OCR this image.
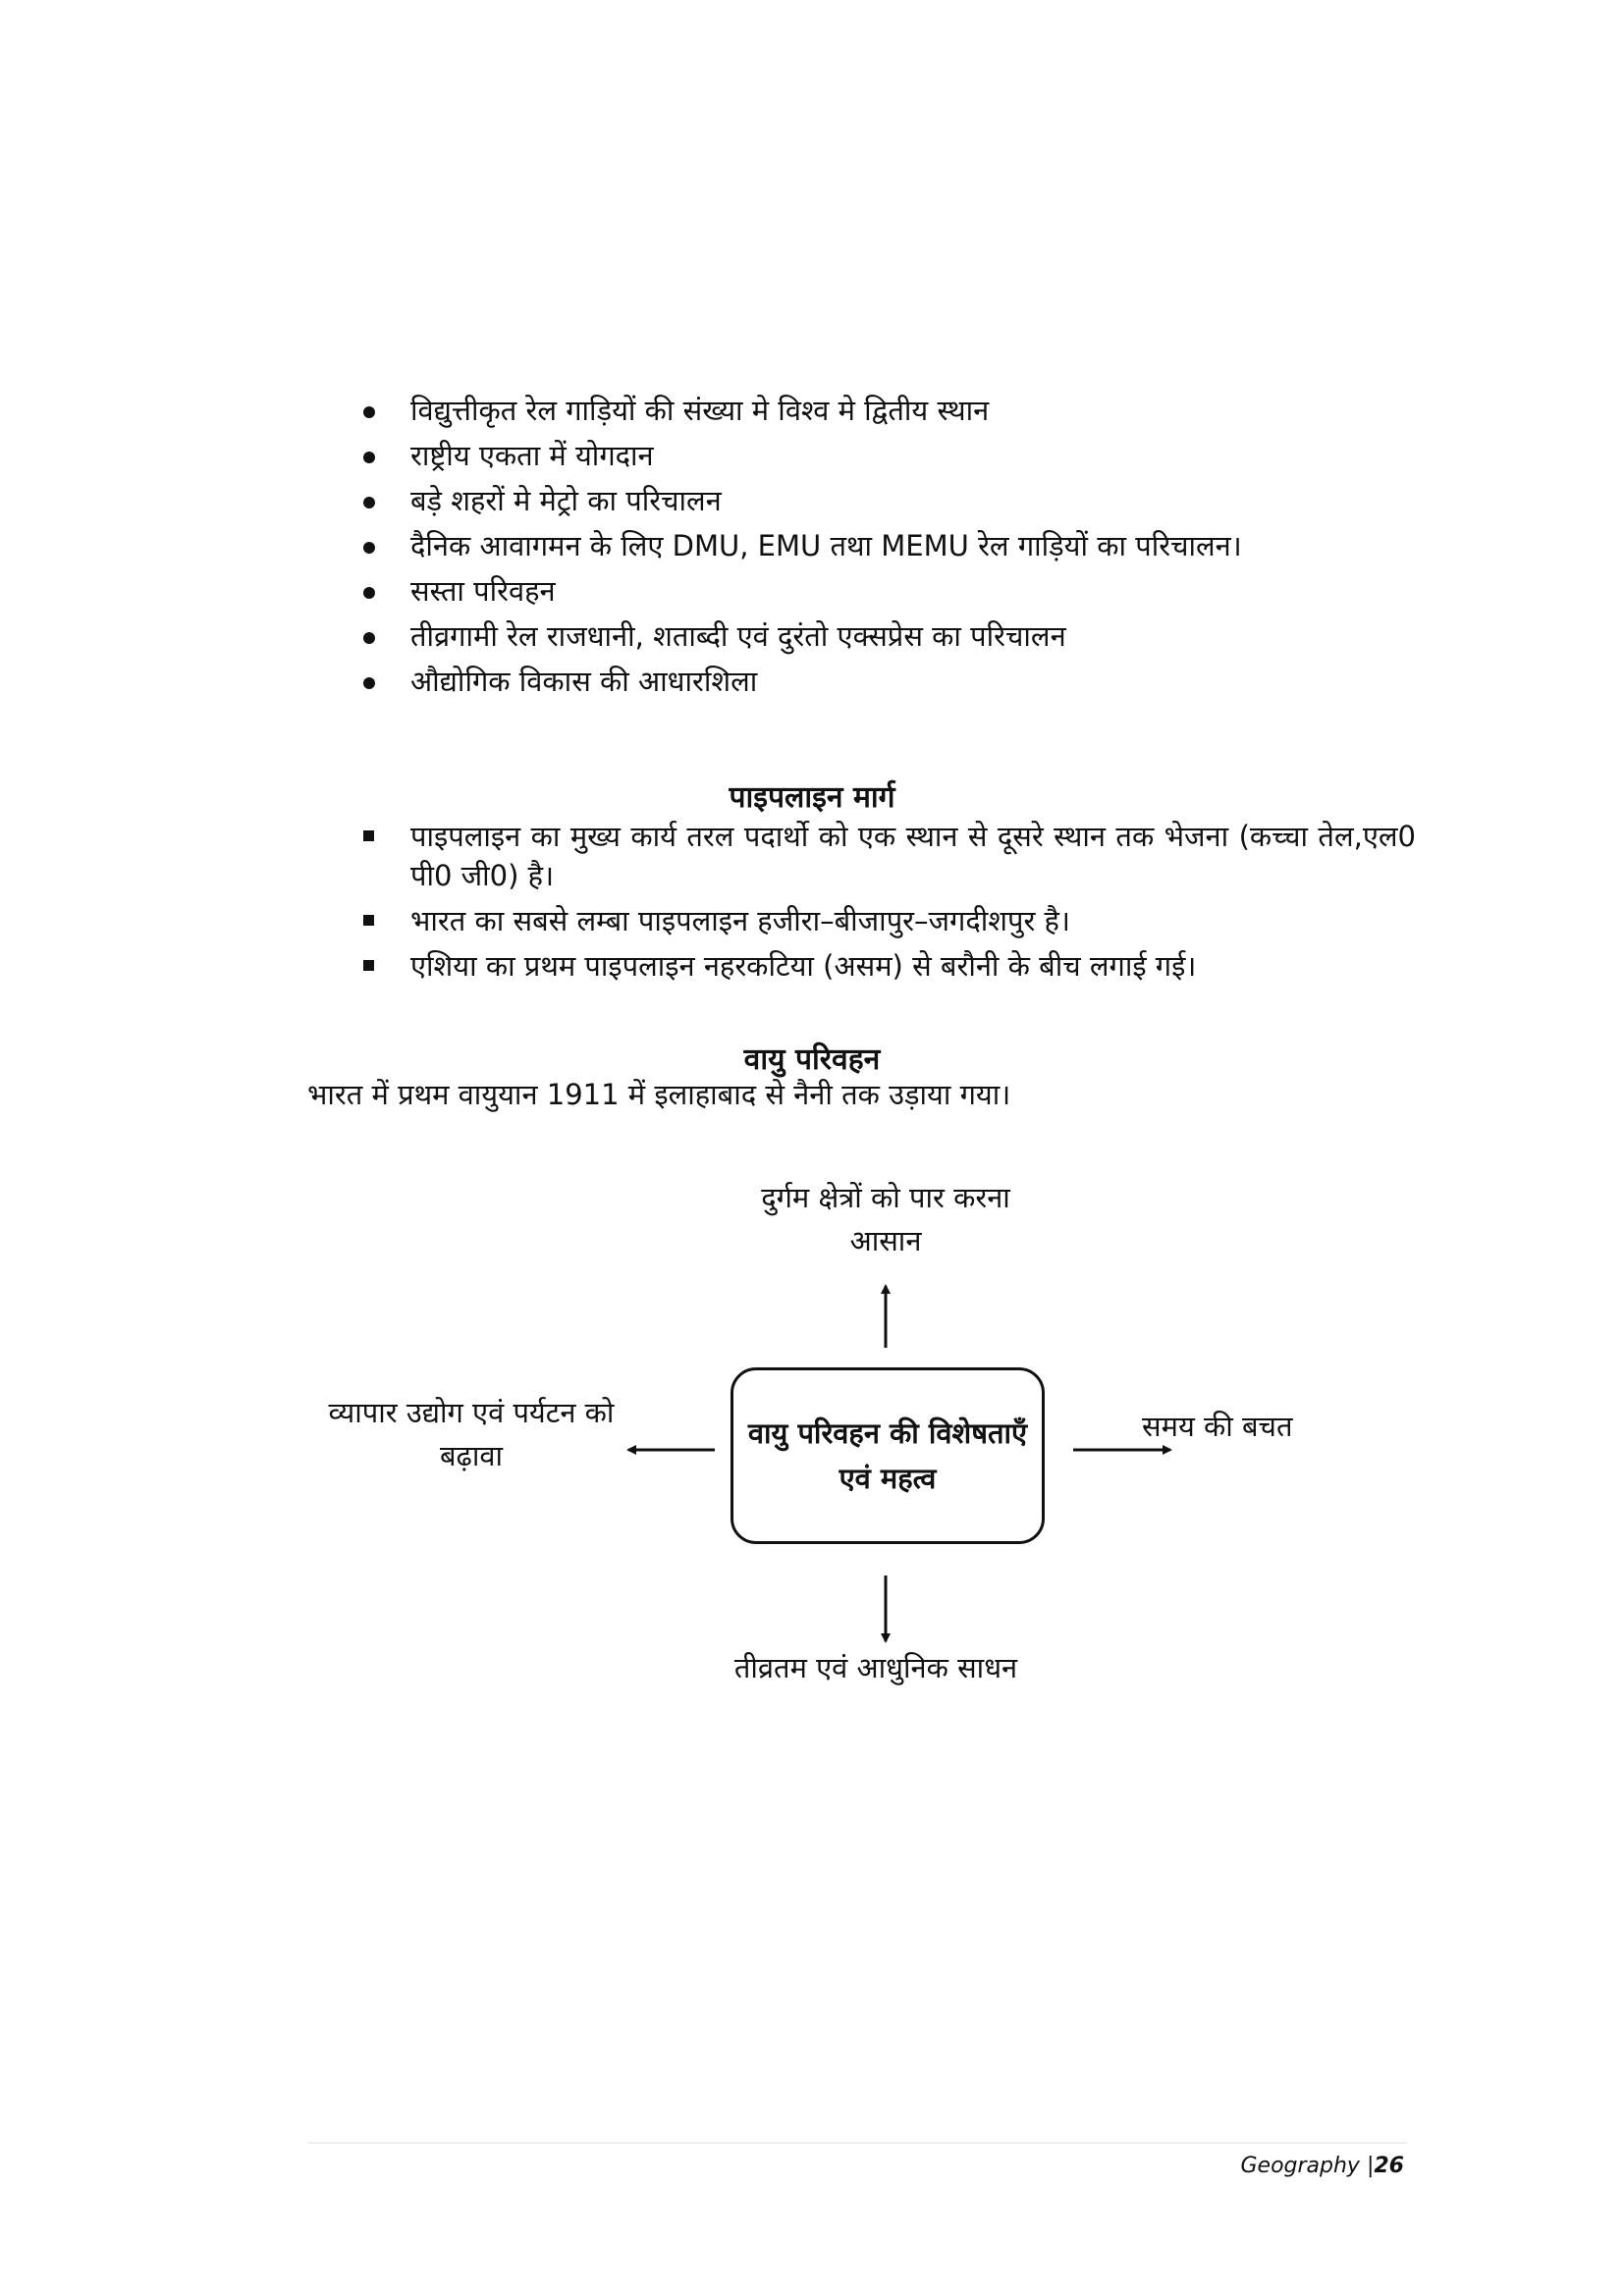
विद्युत्तीकृत रेल गाड़ियों की संख्या मे विश्व मे द्वितीय स्थान
राष्ट्रीय एकता में योगदान
बड़े शहरों मे मेट्रो का परिचालन
दैनिक आवागमन के लिए DMU, EMU तथा MEMU रेल गाड़ियों का परिचालन।
सस्ता परिवहन
तीव्रगामी रेल राजधानी, शताब्दी एवं दुरंतो एक्सप्रेस का परिचालन
औद्योगिक विकास की आधारशिला
पाइपलाइन मार्ग
पाइपलाइन का मुख्य कार्य तरल पदार्थो को एक स्थान से दूसरे स्थान तक भेजना (कच्चा तेल,एल0 पी0 जी0) है।
भारत का सबसे लम्बा पाइपलाइन हजीरा–बीजापुर–जगदीशपुर है।
एशिया का प्रथम पाइपलाइन नहरकटिया (असम) से बरौनी के बीच लगाई गई।
वायु परिवहन
भारत में प्रथम वायुयान 1911 में इलाहाबाद से नैनी तक उड़ाया गया।
वायु परिवहन की विशेषताएँ एवं महत्व
दुर्गम क्षेत्रों को पार करना आसान
व्यापार उद्योग एवं पर्यटन को बढ़ावा
समय की बचत
तीव्रतम एवं आधुनिक साधन
Geography |26
